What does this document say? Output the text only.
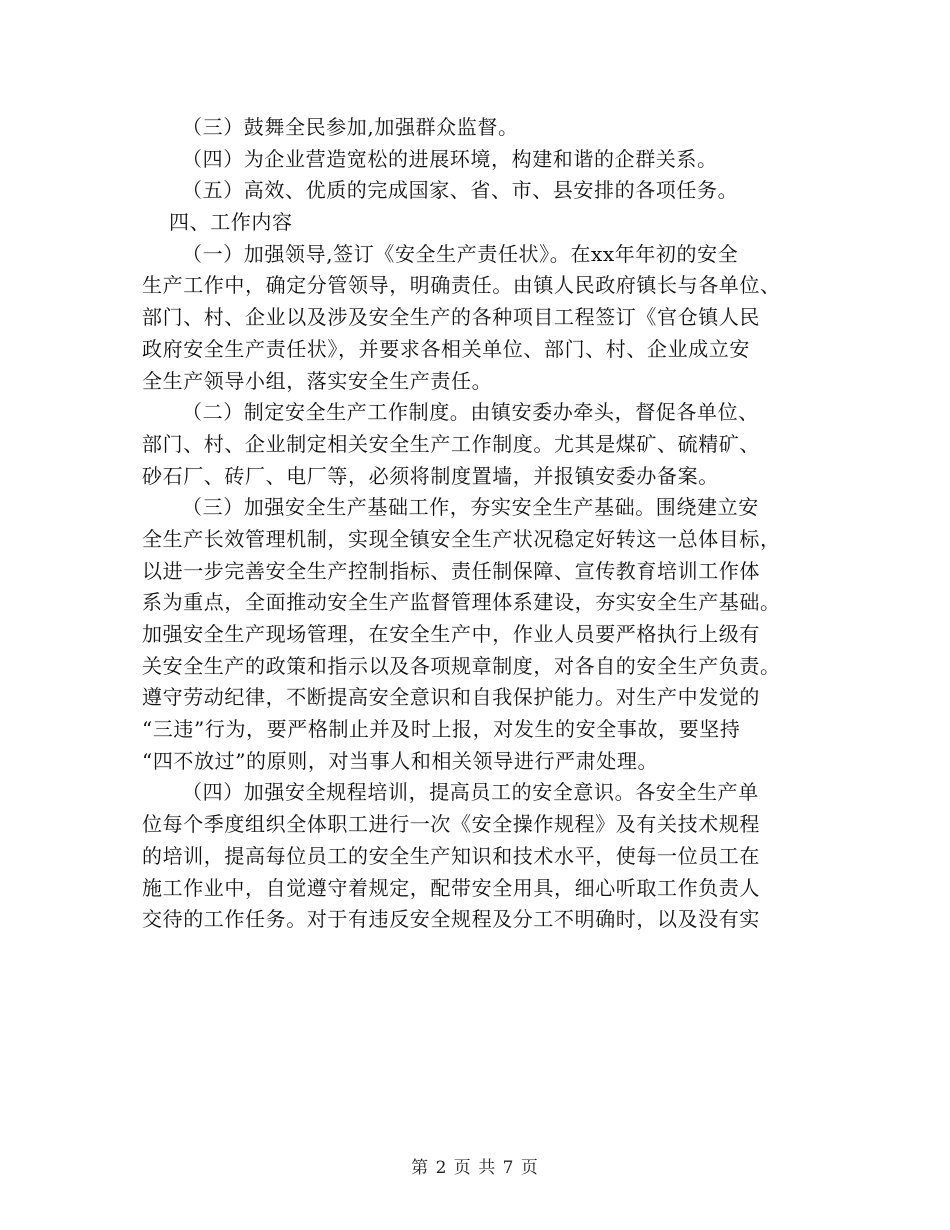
（三）鼓舞全民参加,加强群众监督。
（四）为企业营造宽松的进展环境，构建和谐的企群关系。
（五）高效、优质的完成国家、省、市、县安排的各项任务。
四、工作内容
（一）加强领导,签订《安全生产责任状》。在xx年年初的安全
生产工作中，确定分管领导，明确责任。由镇人民政府镇长与各单位、
部门、村、企业以及涉及安全生产的各种项目工程签订《官仓镇人民
政府安全生产责任状》，并要求各相关单位、部门、村、企业成立安
全生产领导小组，落实安全生产责任。
（二）制定安全生产工作制度。由镇安委办牵头，督促各单位、
部门、村、企业制定相关安全生产工作制度。尤其是煤矿、硫精矿、
砂石厂、砖厂、电厂等，必须将制度置墙，并报镇安委办备案。
（三）加强安全生产基础工作，夯实安全生产基础。围绕建立安
全生产长效管理机制，实现全镇安全生产状况稳定好转这一总体目标，
以进一步完善安全生产控制指标、责任制保障、宣传教育培训工作体
系为重点，全面推动安全生产监督管理体系建设，夯实安全生产基础。
加强安全生产现场管理，在安全生产中，作业人员要严格执行上级有
关安全生产的政策和指示以及各项规章制度，对各自的安全生产负责。
遵守劳动纪律，不断提高安全意识和自我保护能力。对生产中发觉的
“三违”行为，要严格制止并及时上报，对发生的安全事故，要坚持
“四不放过”的原则，对当事人和相关领导进行严肃处理。
（四）加强安全规程培训，提高员工的安全意识。各安全生产单
位每个季度组织全体职工进行一次《安全操作规程》及有关技术规程
的培训，提高每位员工的安全生产知识和技术水平，使每一位员工在
施工作业中，自觉遵守着规定，配带安全用具，细心听取工作负责人
交待的工作任务。对于有违反安全规程及分工不明确时，以及没有实
第 2 页 共 7 页
